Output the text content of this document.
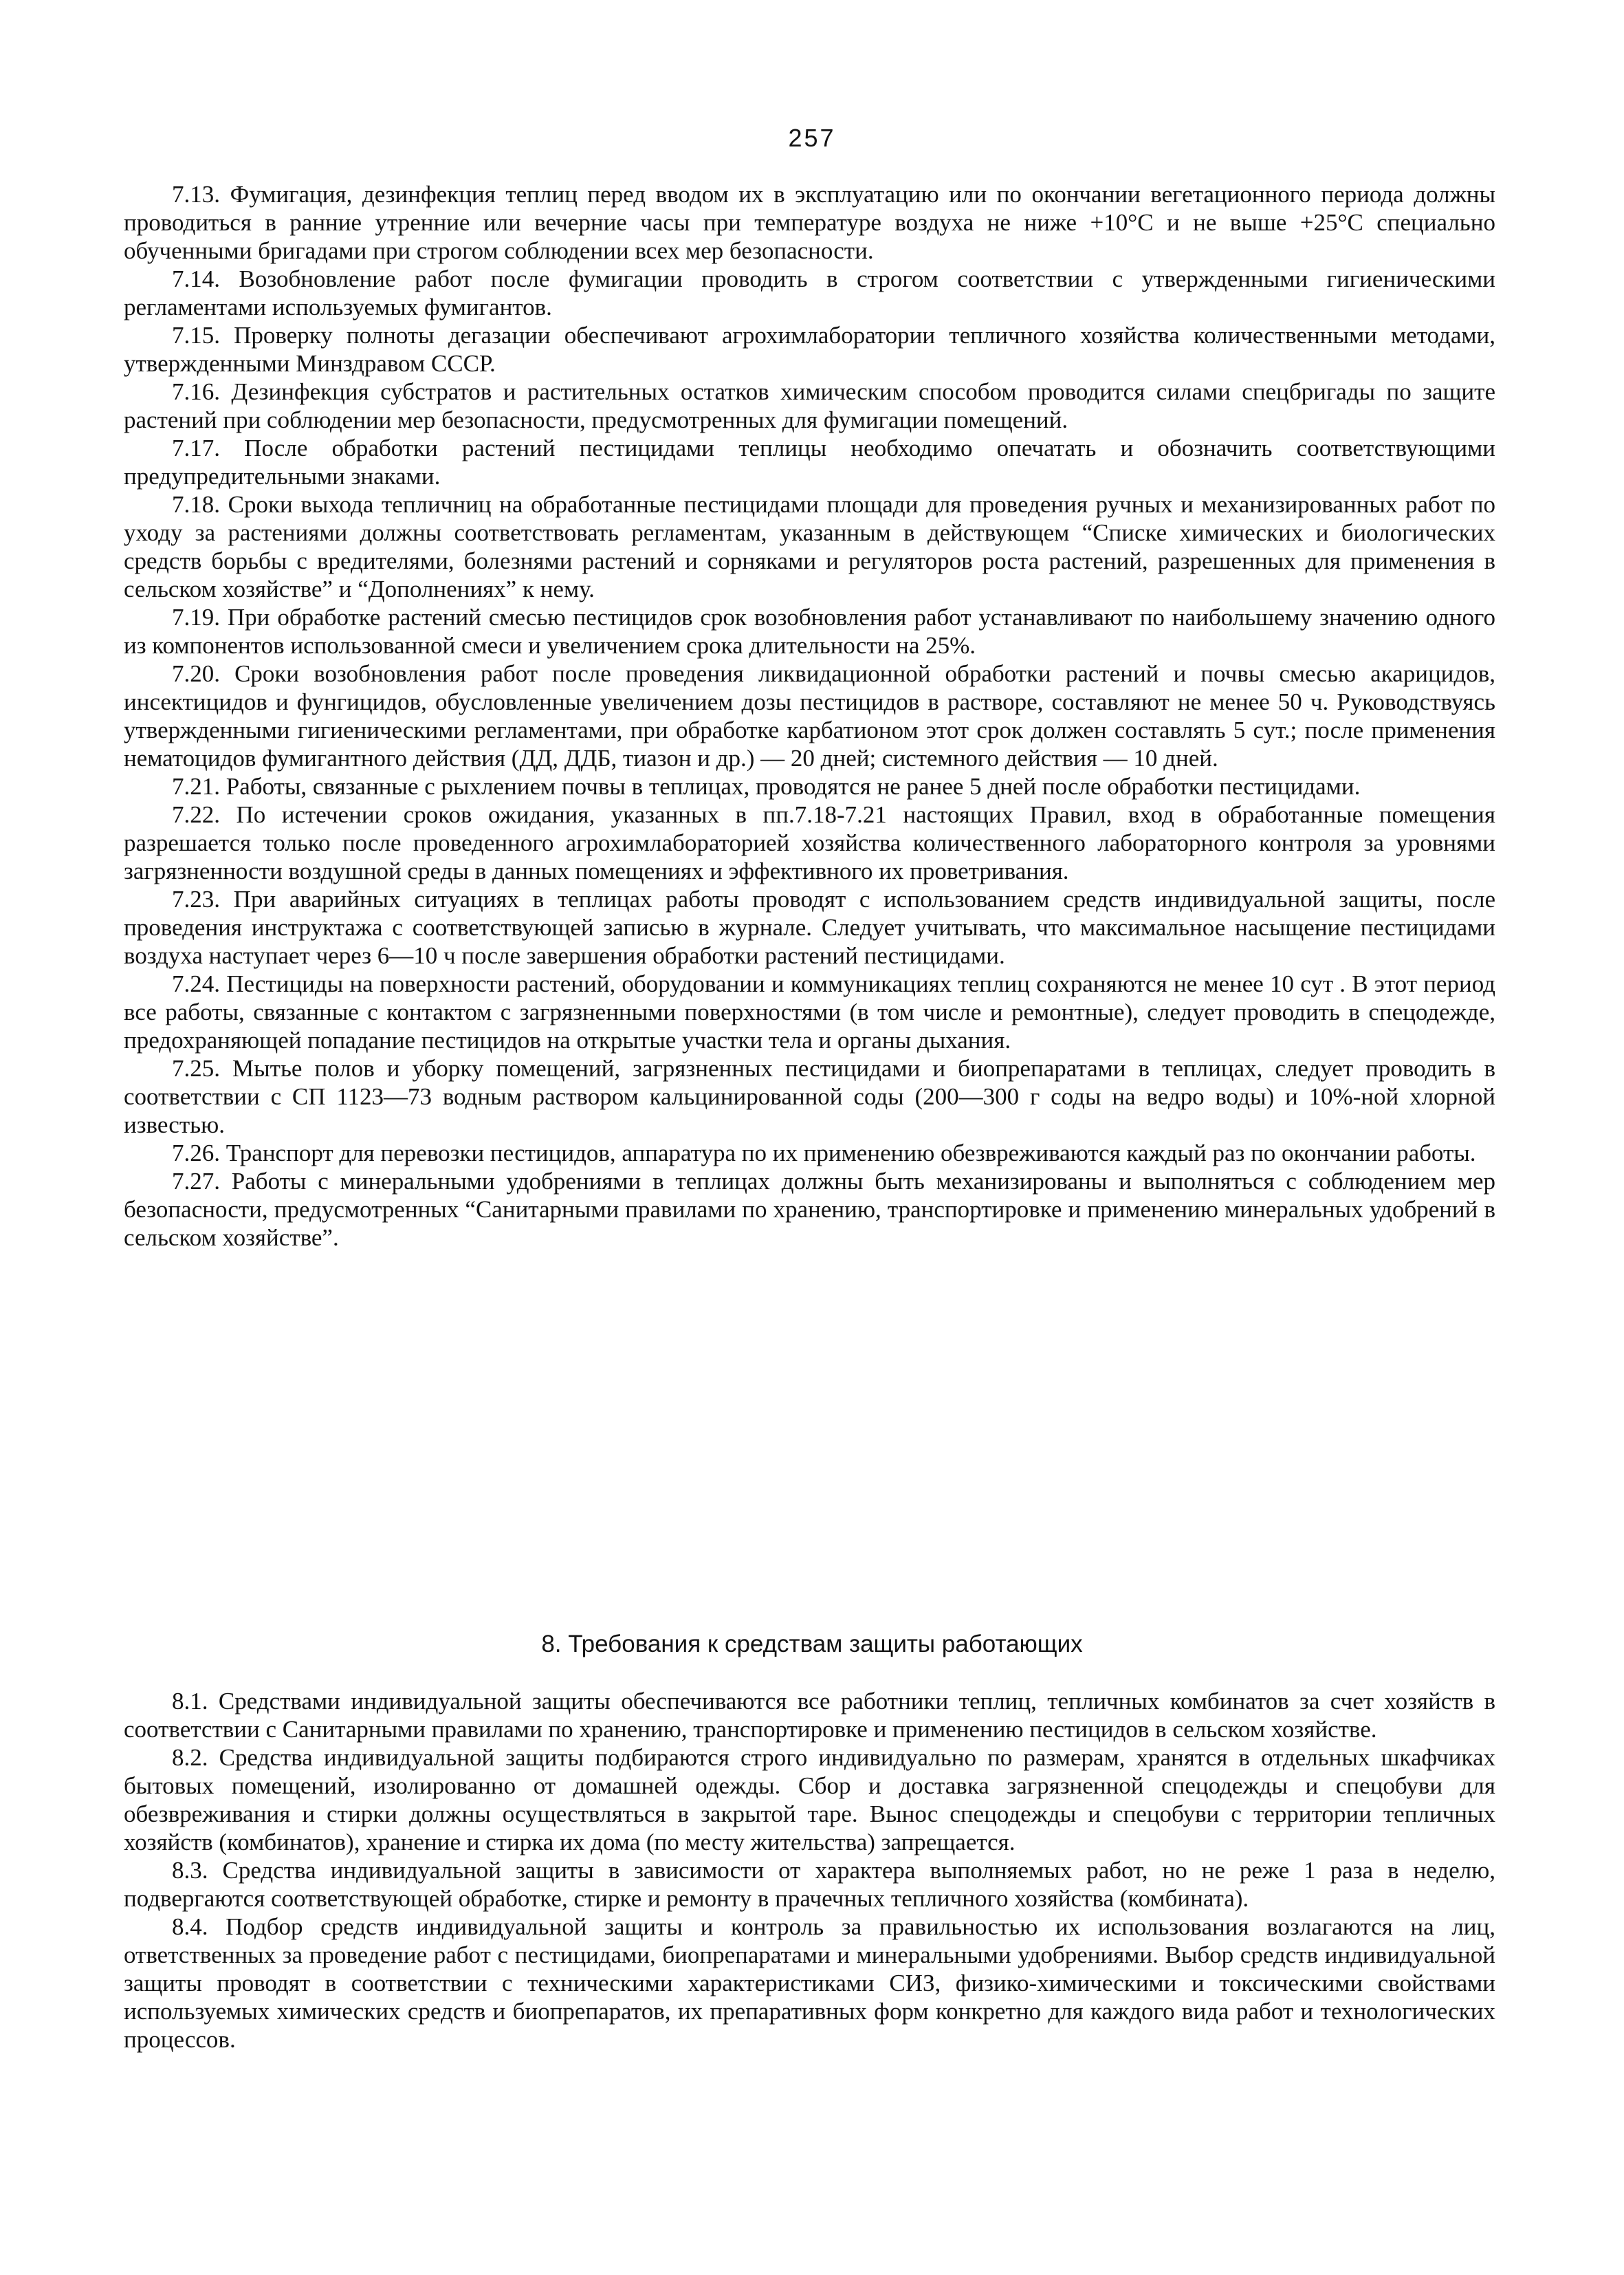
257

7.13. Фумигация, дезинфекция теплиц перед вводом их в эксплуатацию или по окончании вегетационного периода должны проводиться в ранние утренние или вечерние часы при температуре воздуха не ниже +10°С и не выше +25°С специально обученными бригадами при строгом соблюдении всех мер безопасности.

7.14. Возобновление работ после фумигации проводить в строгом соответствии с утвержденными гигиеническими регламентами используемых фумигантов.

7.15. Проверку полноты дегазации обеспечивают агрохимлаборатории тепличного хозяйства количественными методами, утвержденными Минздравом СССР.

7.16. Дезинфекция субстратов и растительных остатков химическим способом проводится силами спецбригады по защите растений при соблюдении мер безопасности, предусмотренных для фумигации помещений.

7.17. После обработки растений пестицидами теплицы необходимо опечатать и обозначить соответствующими предупредительными знаками.

7.18. Сроки выхода тепличниц на обработанные пестицидами площади для проведения ручных и механизированных работ по уходу за растениями должны соответствовать регламентам, указанным в действующем “Списке химических и биологических средств борьбы с вредителями, болезнями растений и сорняками и регуляторов роста растений, разрешенных для применения в сельском хозяйстве” и “Дополнениях” к нему.

7.19. При обработке растений смесью пестицидов срок возобновления работ устанавливают по наибольшему значению одного из компонентов использованной смеси и увеличением срока длительности на 25%.

7.20. Сроки возобновления работ после проведения ликвидационной обработки растений и почвы смесью акарицидов, инсектицидов и фунгицидов, обусловленные увеличением дозы пестицидов в растворе, составляют не менее 50 ч. Руководствуясь утвержденными гигиеническими регламентами, при обработке карбатионом этот срок должен составлять 5 сут.; после применения нематоцидов фумигантного действия (ДД, ДДБ, тиазон и др.) — 20 дней; системного действия — 10 дней.

7.21. Работы, связанные с рыхлением почвы в теплицах, проводятся не ранее 5 дней после обработки пестицидами.

7.22. По истечении сроков ожидания, указанных в пп.7.18-7.21 настоящих Правил, вход в обработанные помещения разрешается только после проведенного агрохимлабораторией хозяйства количественного лабораторного контроля за уровнями загрязненности воздушной среды в данных помещениях и эффективного их проветривания.

7.23. При аварийных ситуациях в теплицах работы проводят с использованием средств индивидуальной защиты, после проведения инструктажа с соответствующей записью в журнале. Следует учитывать, что максимальное насыщение пестицидами воздуха наступает через 6—10 ч после завершения обработки растений пестицидами.

7.24. Пестициды на поверхности растений, оборудовании и коммуникациях теплиц сохраняются не менее 10 сут . В этот период все работы, связанные с контактом с загрязненными поверхностями (в том числе и ремонтные), следует проводить в спецодежде, предохраняющей попадание пестицидов на открытые участки тела и органы дыхания.

7.25. Мытье полов и уборку помещений, загрязненных пестицидами и биопрепаратами в теплицах, следует проводить в соответствии с СП 1123—73 водным раствором кальцинированной соды (200—300 г соды на ведро воды) и 10%-ной хлорной известью.

7.26. Транспорт для перевозки пестицидов, аппаратура по их применению обезвреживаются каждый раз по окончании работы.

7.27. Работы с минеральными удобрениями в теплицах должны быть механизированы и выполняться с соблюдением мер безопасности, предусмотренных “Санитарными правилами по хранению, транспортировке и применению минеральных удобрений в сельском хозяйстве”.

8. Требования к средствам защиты работающих

8.1. Средствами индивидуальной защиты обеспечиваются все работники теплиц, тепличных комбинатов за счет хозяйств в соответствии с Санитарными правилами по хранению, транспортировке и применению пестицидов в сельском хозяйстве.

8.2. Средства индивидуальной защиты подбираются строго индивидуально по размерам, хранятся в отдельных шкафчиках бытовых помещений, изолированно от домашней одежды. Сбор и доставка загрязненной спецодежды и спецобуви для обезвреживания и стирки должны осуществляться в закрытой таре. Вынос спецодежды и спецобуви с территории тепличных хозяйств (комбинатов), хранение и стирка их дома (по месту жительства) запрещается.

8.3. Средства индивидуальной защиты в зависимости от характера выполняемых работ, но не реже 1 раза в неделю, подвергаются соответствующей обработке, стирке и ремонту в прачечных тепличного хозяйства (комбината).

8.4. Подбор средств индивидуальной защиты и контроль за правильностью их использования возлагаются на лиц, ответственных за проведение работ с пестицидами, биопрепаратами и минеральными удобрениями. Выбор средств индивидуальной защиты проводят в соответствии с техническими характеристиками СИЗ, физико-химическими и токсическими свойствами используемых химических средств и биопрепаратов, их препаративных форм конкретно для каждого вида работ и технологических процессов.
